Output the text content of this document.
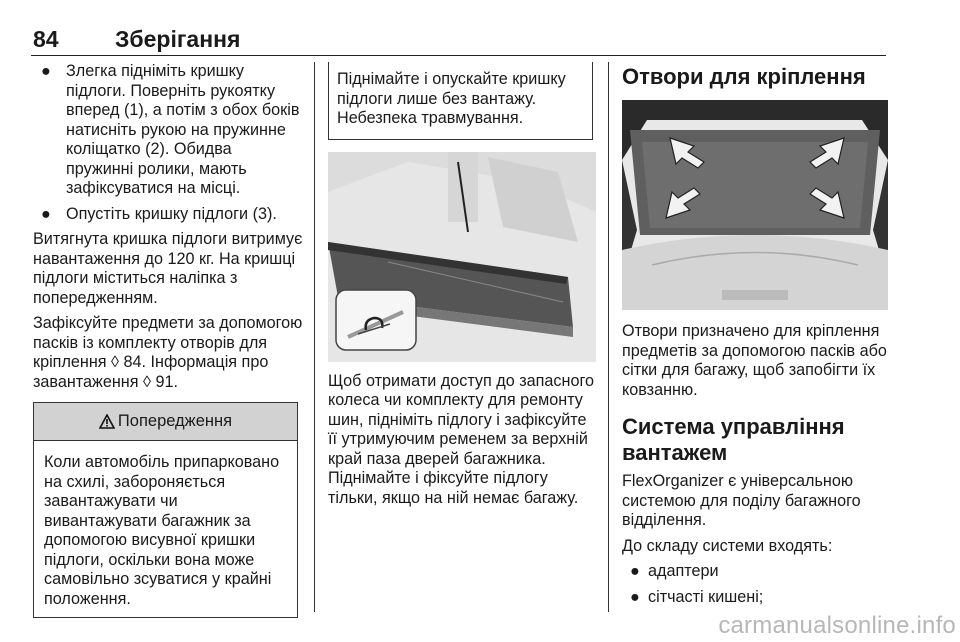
84 Зберігання
● Злегка підніміть кришку підлоги. Поверніть рукоятку вперед (1), а потім з обох боків натисніть рукою на пружинне коліщатко (2). Обидва пружинні ролики, мають зафіксуватися на місці.
● Опустіть кришку підлоги (3).

Витягнута кришка підлоги витримує навантаження до 120 кг. На кришці підлоги міститься наліпка з попередженням.

Зафіксуйте предмети за допомогою пасків із комплекту отворів для кріплення ◊ 84. Інформація про завантаження ◊ 91.

Попередження
Коли автомобіль припарковано на схилі, забороняється завантажувати чи вивантажувати багажник за допомогою висувної кришки підлоги, оскільки вона може самовільно зсуватися у крайні положення.
Піднімайте і опускайте кришку підлоги лише без вантажу. Небезпека травмування.

Щоб отримати доступ до запасного колеса чи комплекту для ремонту шин, підніміть підлогу і зафіксуйте її утримуючим ременем за верхній край паза дверей багажника. Піднімайте і фіксуйте підлогу тільки, якщо на ній немає багажу.

Отвори для кріплення

Отвори призначено для кріплення предметів за допомогою пасків або сітки для багажу, щоб запобігти їх ковзанню.

Система управління вантажем

FlexOrganizer є універсальною системою для поділу багажного відділення.

До складу системи входять:

● адаптери
● сітчасті кишені;
carmanualsonline.info
